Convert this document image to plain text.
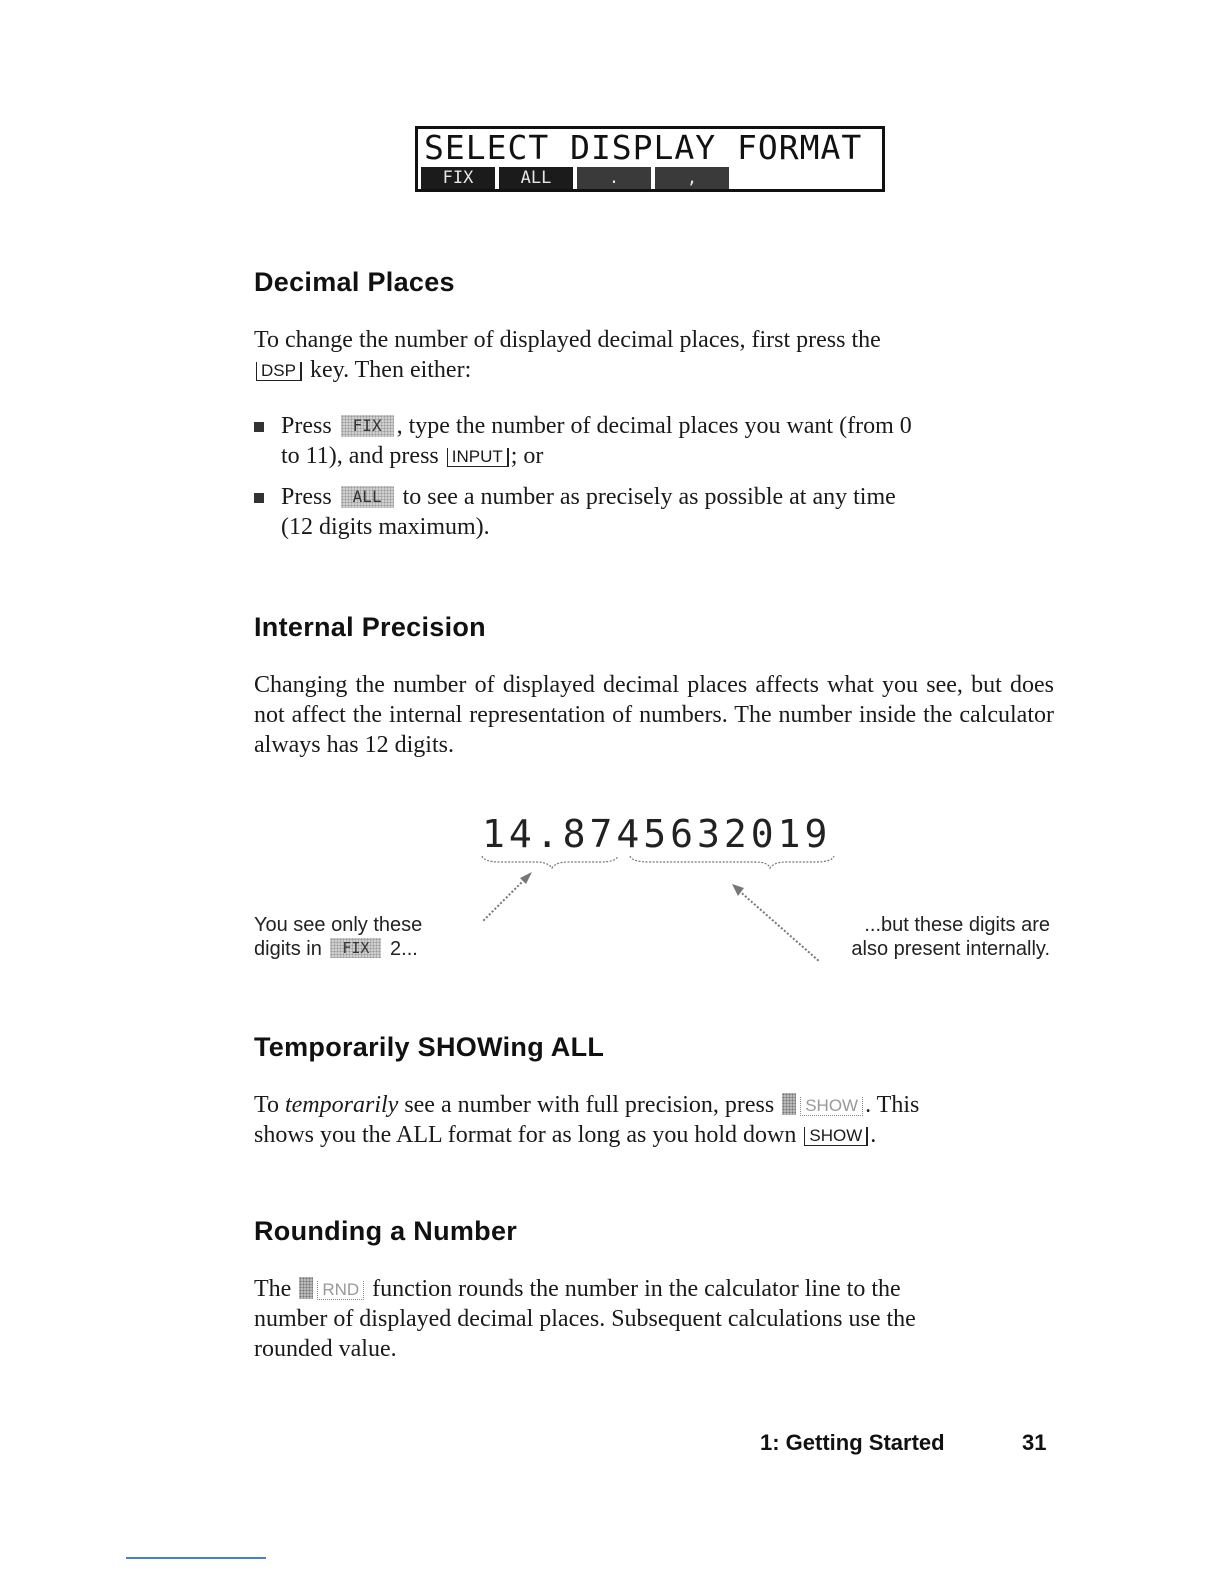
SELECT DISPLAY FORMAT
FIX	ALL	.	,
Decimal Places

To change the number of displayed decimal places, first press the
DSP key. Then either:

Press FIX , type the number of decimal places you want (from 0
to 11), and press INPUT ; or

Press ALL to see a number as precisely as possible at any time
(12 digits maximum).

Internal Precision

Changing the number of displayed decimal places affects what you see, but does not affect the internal representation of numbers. The number inside the calculator always has 12 digits.

14.8745632019

You see only these
digits in FIX 2...

...but these digits are
also present internally.

Temporarily SHOWing ALL

To temporarily see a number with full precision, press SHOW . This
shows you the ALL format for as long as you hold down SHOW .

Rounding a Number

The RND function rounds the number in the calculator line to the
number of displayed decimal places. Subsequent calculations use the
rounded value.

1: Getting Started	31
